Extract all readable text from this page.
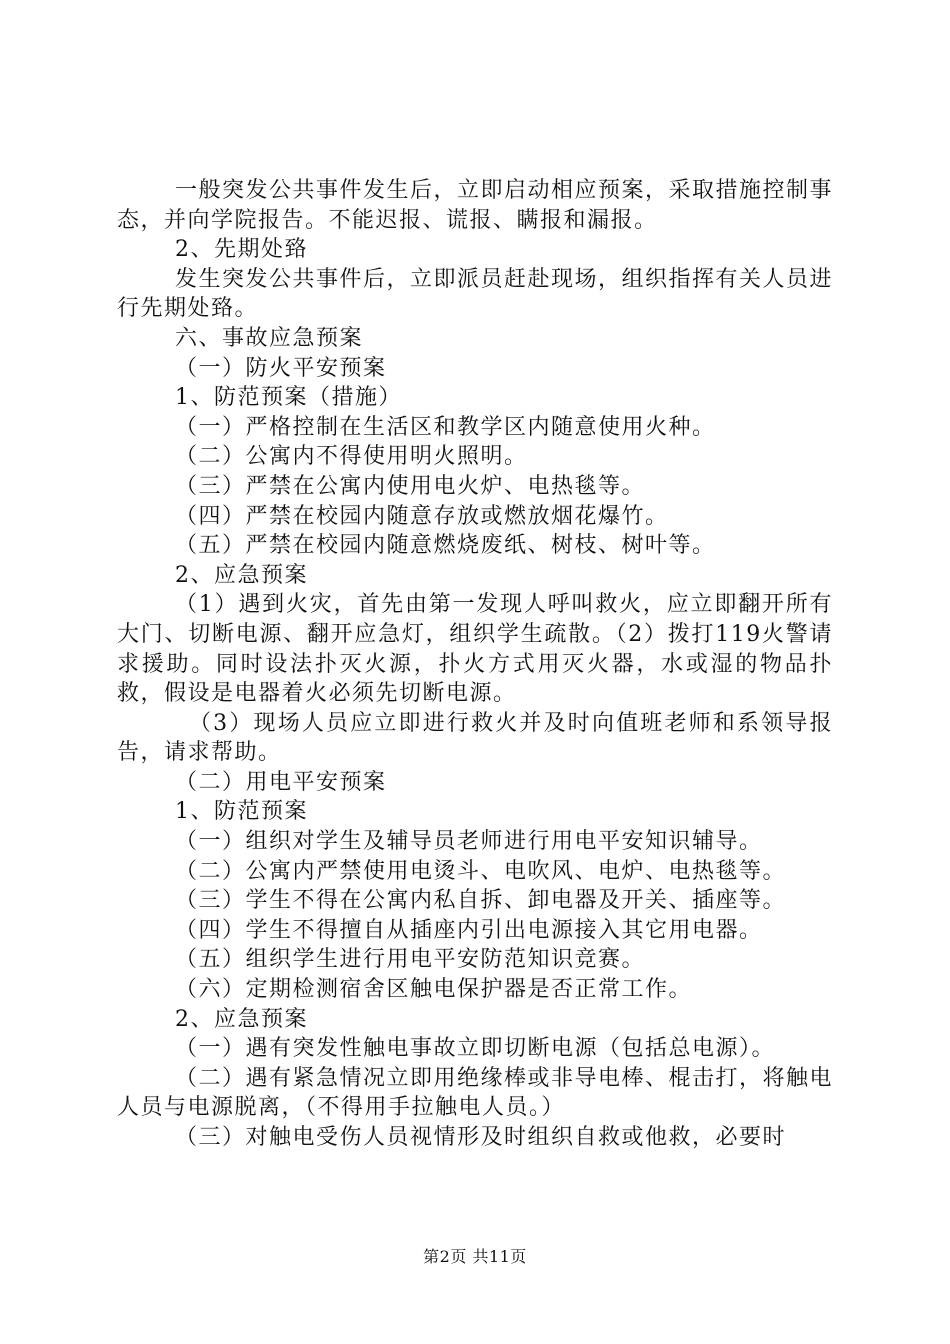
一般突发公共事件发生后，立即启动相应预案，采取措施控制事态，并向学院报告。不能迟报、谎报、瞒报和漏报。

2、先期处臵

发生突发公共事件后，立即派员赶赴现场，组织指挥有关人员进行先期处臵。

六、事故应急预案

（一）防火平安预案

1、防范预案（措施）

（一）严格控制在生活区和教学区内随意使用火种。

（二）公寓内不得使用明火照明。

（三）严禁在公寓内使用电火炉、电热毯等。

（四）严禁在校园内随意存放或燃放烟花爆竹。

（五）严禁在校园内随意燃烧废纸、树枝、树叶等。

2、应急预案

（1）遇到火灾，首先由第一发现人呼叫救火，应立即翻开所有大门、切断电源、翻开应急灯，组织学生疏散。（2）拨打119火警请求援助。同时设法扑灭火源，扑火方式用灭火器，水或湿的物品扑救，假设是电器着火必须先切断电源。

（3）现场人员应立即进行救火并及时向值班老师和系领导报告，请求帮助。

（二）用电平安预案

1、防范预案

（一）组织对学生及辅导员老师进行用电平安知识辅导。

（二）公寓内严禁使用电烫斗、电吹风、电炉、电热毯等。

（三）学生不得在公寓内私自拆、卸电器及开关、插座等。

（四）学生不得擅自从插座内引出电源接入其它用电器。

（五）组织学生进行用电平安防范知识竞赛。

（六）定期检测宿舍区触电保护器是否正常工作。

2、应急预案

（一）遇有突发性触电事故立即切断电源（包括总电源）。

（二）遇有紧急情况立即用绝缘棒或非导电棒、棍击打，将触电人员与电源脱离，（不得用手拉触电人员。）

（三）对触电受伤人员视情形及时组织自救或他救，必要时

第2页 共11页
